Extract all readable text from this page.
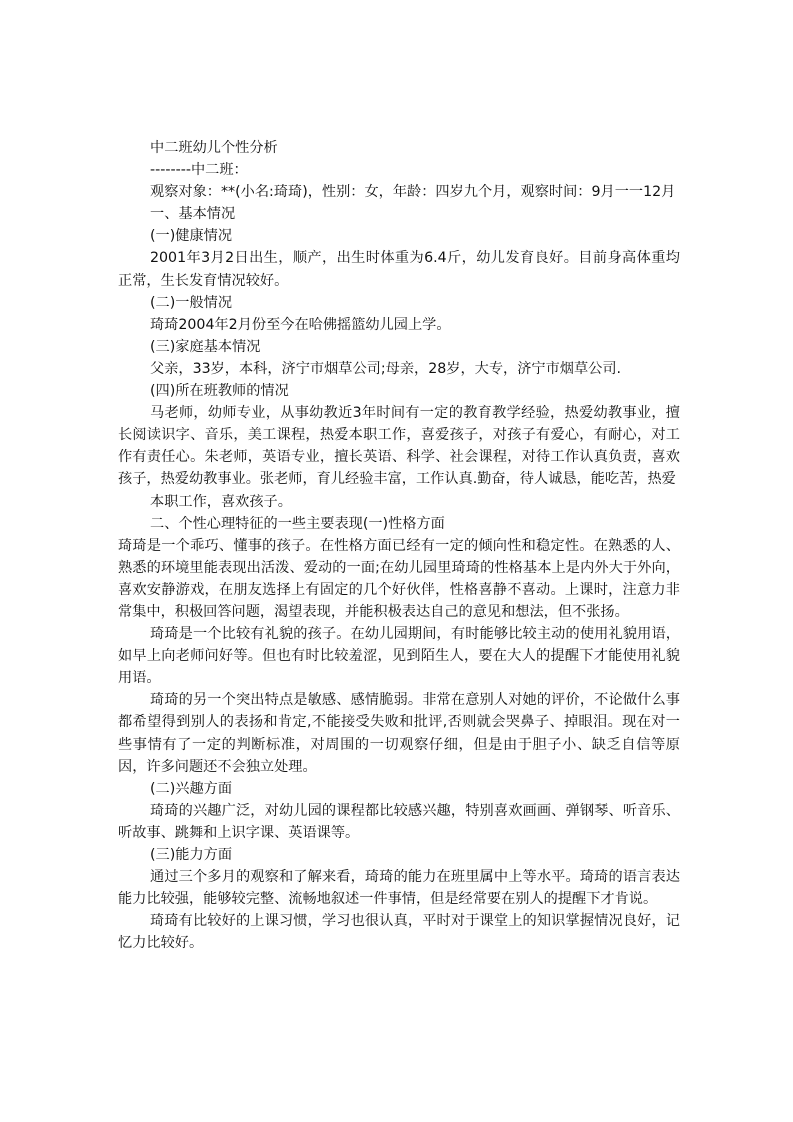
中二班幼儿个性分析

--------中二班：

观察对象：**(小名:琦琦)，性别：女，年龄：四岁九个月，观察时间：9月一一12月

一、基本情况

(一)健康情况

2001年3月2日出生，顺产，出生时体重为6.4斤，幼儿发育良好。目前身高体重均正常，生长发育情况较好。

(二)一般情况

琦琦2004年2月份至今在哈佛摇篮幼儿园上学。

(三)家庭基本情况

父亲，33岁，本科，济宁市烟草公司;母亲，28岁，大专，济宁市烟草公司.

(四)所在班教师的情况

马老师，幼师专业，从事幼教近3年时间有一定的教育教学经验，热爱幼教事业，擅长阅读识字、音乐，美工课程，热爱本职工作，喜爱孩子，对孩子有爱心，有耐心，对工作有责任心。朱老师，英语专业，擅长英语、科学、社会课程，对待工作认真负责，喜欢孩子，热爱幼教事业。张老师，育儿经验丰富，工作认真.勤奋，待人诚恳，能吃苦，热爱

本职工作，喜欢孩子。

二、个性心理特征的一些主要表现(一)性格方面

琦琦是一个乖巧、懂事的孩子。在性格方面已经有一定的倾向性和稳定性。在熟悉的人、熟悉的环境里能表现出活泼、爱动的一面;在幼儿园里琦琦的性格基本上是内外大于外向，喜欢安静游戏，在朋友选择上有固定的几个好伙伴，性格喜静不喜动。上课时，注意力非常集中，积极回答问题，渴望表现，并能积极表达自己的意见和想法，但不张扬。

琦琦是一个比较有礼貌的孩子。在幼儿园期间，有时能够比较主动的使用礼貌用语，如早上向老师问好等。但也有时比较羞涩，见到陌生人，要在大人的提醒下才能使用礼貌用语。

琦琦的另一个突出特点是敏感、感情脆弱。非常在意别人对她的评价，不论做什么事都希望得到别人的表扬和肯定,不能接受失败和批评,否则就会哭鼻子、掉眼泪。现在对一些事情有了一定的判断标准，对周围的一切观察仔细，但是由于胆子小、缺乏自信等原因，许多问题还不会独立处理。

(二)兴趣方面

琦琦的兴趣广泛，对幼儿园的课程都比较感兴趣，特别喜欢画画、弹钢琴、听音乐、听故事、跳舞和上识字课、英语课等。

(三)能力方面

通过三个多月的观察和了解来看，琦琦的能力在班里属中上等水平。琦琦的语言表达能力比较强，能够较完整、流畅地叙述一件事情，但是经常要在别人的提醒下才肯说。

琦琦有比较好的上课习惯，学习也很认真，平时对于课堂上的知识掌握情况良好，记忆力比较好。
